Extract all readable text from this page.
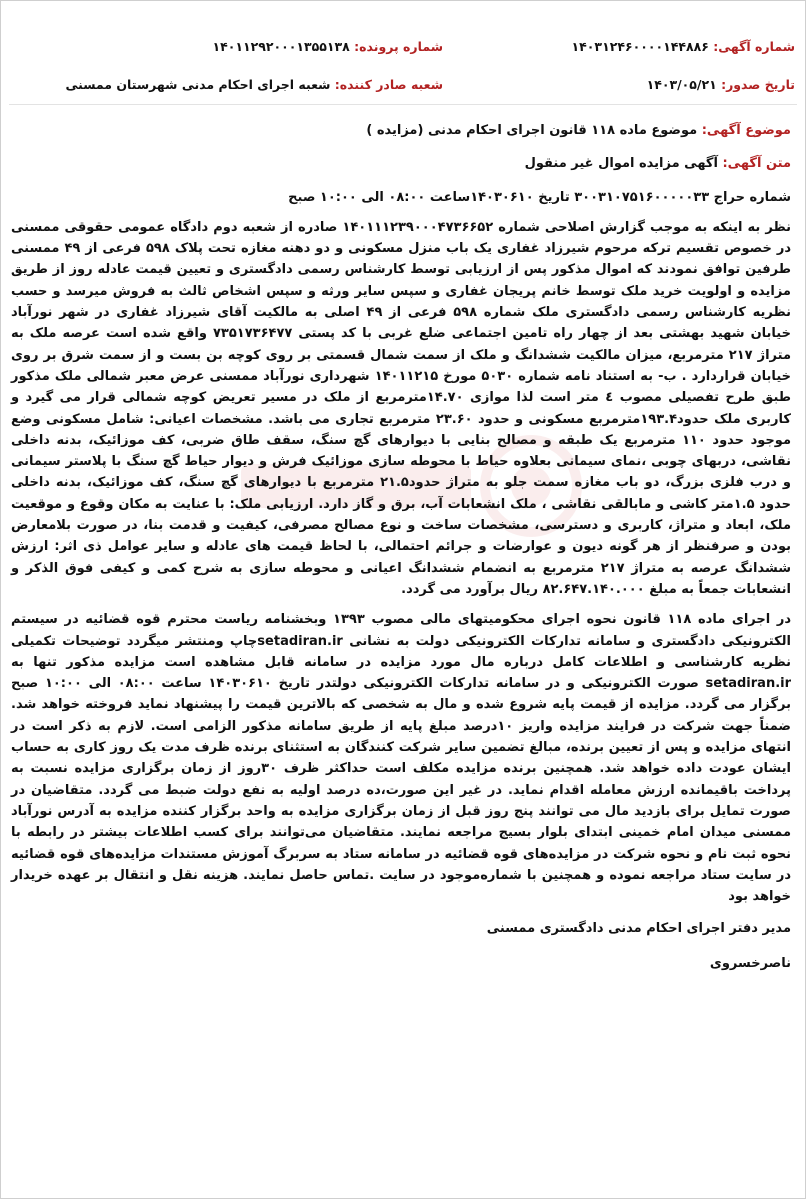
شماره آگهی: ۱۴۰۳۱۲۴۶۰۰۰۰۱۴۴۸۸۶
شماره پرونده: ۱۴۰۱۱۲۹۲۰۰۰۱۳۵۵۱۳۸
تاریخ صدور: ۱۴۰۳/۰۵/۲۱
شعبه صادر کننده: شعبه اجرای احکام مدنی شهرستان ممسنی

موضوع آگهی: موضوع ماده ۱۱۸ قانون اجرای احکام مدنی (مزایده )

متن آگهی: آگهی مزایده اموال غیر منقول

شماره حراج ۳۰۰۳۱۰۷۵۱۶۰۰۰۰۰۳۳ تاریخ ۱۴۰۳۰۶۱۰ساعت ۰۸:۰۰ الی ۱۰:۰۰ صبح

نظر به اینکه به موجب گزارش اصلاحی شماره ۱۴۰۱۱۱۲۳۹۰۰۰۴۷۳۶۶۵۲ صادره از شعبه دوم دادگاه عمومی حقوقی ممسنی در خصوص تقسیم ترکه مرحوم شیرزاد غفاری یک باب منزل مسکونی و دو دهنه مغازه تحت پلاک ۵۹۸ فرعی از ۴۹ ممسنی طرفین توافق نمودند که اموال مذکور پس از ارزیابی توسط کارشناس رسمی دادگستری و تعیین قیمت عادله روز از طریق مزایده و اولویت خرید ملک توسط خانم پریجان غفاری و سپس سایر ورثه و سپس اشخاص ثالث به فروش میرسد و حسب نظریه کارشناس رسمی دادگستری ملک شماره ۵۹۸ فرعی از ۴۹ اصلی به مالکیت آقای شیرزاد غفاری در شهر نورآباد خیابان شهید بهشتی بعد از چهار راه تامین اجتماعی ضلع غربی با کد پستی ۷۳۵۱۷۳۶۴۷۷ واقع شده است عرصه ملک به متراژ ۲۱۷ مترمربع، میزان مالکیت ششدانگ و ملک از سمت شمال قسمتی بر روی کوچه بن بست و از سمت شرق بر روی خیابان قراردارد . ب- به استناد نامه شماره ۵۰۳۰ مورخ ۱۴۰۱۱۲۱۵ شهرداری نورآباد ممسنی عرض معبر شمالی ملک مذکور طبق طرح تفصیلی مصوب ٤ متر است لذا موازی ۱۴.۷۰مترمربع از ملک در مسیر تعریض کوچه شمالی قرار می گیرد و کاربری ملک حدود۱۹۳.۴مترمربع مسکونی و حدود ۲۳.۶۰ مترمربع تجاری می باشد. مشخصات اعیانی: شامل مسکونی وضع موجود حدود ۱۱۰ مترمربع یک طبقه و مصالح بنایی با دیوارهای گچ سنگ، سقف طاق ضربی، کف موزائیک، بدنه داخلی نقاشی، دربهای چوبی ،نمای سیمانی بعلاوه حیاط با محوطه سازی موزائیک فرش و دیوار حیاط گچ سنگ با پلاستر سیمانی و درب فلزی بزرگ، دو باب مغازه سمت جلو به متراژ حدود۲۱.۵ مترمربع با دیوارهای گچ سنگ، کف موزائیک، بدنه داخلی حدود ۱.۵متر کاشی و مابالقی نقاشی ، ملک انشعابات آب، برق و گاز دارد. ارزیابی ملک: با عنایت به مکان وقوع و موقعیت ملک، ابعاد و متراژ، کاربری و دسترسی، مشخصات ساخت و نوع مصالح مصرفی، کیفیت و قدمت بنا، در صورت بلامعارض بودن و صرفنظر از هر گونه دیون و عوارضات و جرائم احتمالی، با لحاظ قیمت های عادله و سایر عوامل ذی اثر: ارزش ششدانگ عرصه به متراژ ۲۱۷ مترمربع به انضمام ششدانگ اعیانی و محوطه سازی به شرح کمی و کیفی فوق الذکر و انشعابات جمعاً به مبلغ ۸۲.۶۴۷.۱۴۰.۰۰۰ ریال برآورد می گردد.

در اجرای ماده ۱۱۸ قانون نحوه اجرای محکومیتهای مالی مصوب ۱۳۹۳ وبخشنامه ریاست محترم قوه قضائیه در سیستم الکترونیکی دادگستری و سامانه تدارکات الکترونیکی دولت به نشانی setadiran.irچاپ ومنتشر میگردد توضیحات تکمیلی نظریه کارشناسی و اطلاعات کامل درباره مال مورد مزایده در سامانه قابل مشاهده است مزایده مذکور تنها به setadiran.ir صورت الکترونیکی و در سامانه تدارکات الکترونیکی دولتدر تاریخ ۱۴۰۳۰۶۱۰ ساعت ۰۸:۰۰ الی ۱۰:۰۰ صبح برگزار می گردد. مزایده از قیمت پایه شروع شده و مال به شخصی که بالاترین قیمت را پیشنهاد نماید فروخته خواهد شد. ضمناً جهت شرکت در فرایند مزایده واریز ۱۰درصد مبلغ پایه از طریق سامانه مذکور الزامی است. لازم به ذکر است در انتهای مزایده و پس از تعیین برنده، مبالغ تضمین سایر شرکت کنندگان به استثنای برنده ظرف مدت یک روز کاری به حساب ایشان عودت داده خواهد شد. همچنین برنده مزایده مکلف است حداکثر ظرف ۳۰روز از زمان برگزاری مزایده نسبت به پرداخت باقیمانده ارزش معامله اقدام نماید. در غیر این صورت،ده درصد اولیه به نفع دولت ضبط می گردد. متقاضیان در صورت تمایل برای بازدید مال می توانند پنج روز قبل از زمان برگزاری مزایده به واحد برگزار کننده مزایده به آدرس نورآباد ممسنی میدان امام خمینی ابتدای بلوار بسیج مراجعه نمایند. متقاضیان می‌توانند برای کسب اطلاعات بیشتر در رابطه با نحوه ثبت نام و نحوه شرکت در مزایده‌های قوه قضائیه در سامانه ستاد به سربرگ آموزش مستندات مزایده‌های قوه قضائیه در سایت ستاد مراجعه نموده و همچنین با شماره‌موجود در سایت .تماس حاصل نمایند. هزینه نقل و انتقال بر عهده خریدار خواهد بود

مدیر دفتر اجرای احکام مدنی دادگستری ممسنی

ناصرخسروی
